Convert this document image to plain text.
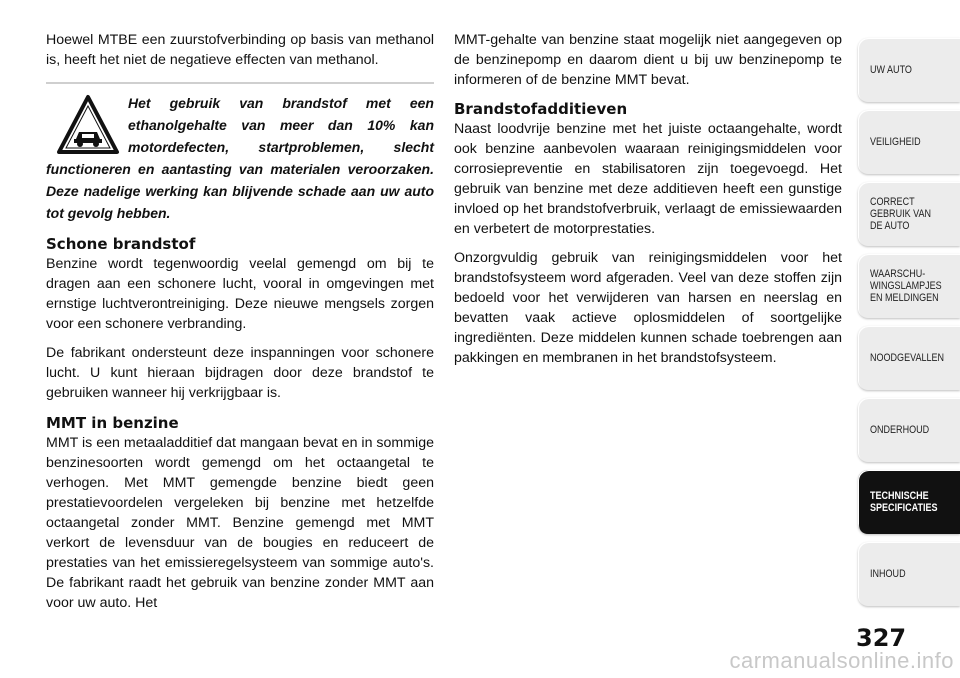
Hoewel MTBE een zuurstofverbinding op basis van methanol is, heeft het niet de negatieve effecten van methanol.

Het gebruik van brandstof met een ethanolgehalte van meer dan 10% kan motordefecten, startproblemen, slecht functioneren en aantasting van materialen veroorzaken. Deze nadelige werking kan blijvende schade aan uw auto tot gevolg hebben.
Schone brandstof

Benzine wordt tegenwoordig veelal gemengd om bij te dragen aan een schonere lucht, vooral in omgevingen met ernstige luchtverontreiniging. Deze nieuwe mengsels zorgen voor een schonere verbranding.

De fabrikant ondersteunt deze inspanningen voor schonere lucht. U kunt hieraan bijdragen door deze brandstof te gebruiken wanneer hij verkrijgbaar is.

MMT in benzine

MMT is een metaaladditief dat mangaan bevat en in sommige benzinesoorten wordt gemengd om het octaangetal te verhogen. Met MMT gemengde benzine biedt geen prestatievoordelen vergeleken bij benzine met hetzelfde octaangetal zonder MMT. Benzine gemengd met MMT verkort de levensduur van de bougies en reduceert de prestaties van het emissieregelsysteem van sommige auto's. De fabrikant raadt het gebruik van benzine zonder MMT aan voor uw auto. Het

MMT-gehalte van benzine staat mogelijk niet aangegeven op de benzinepomp en daarom dient u bij uw benzinepomp te informeren of de benzine MMT bevat.

Brandstofadditieven

Naast loodvrije benzine met het juiste octaangehalte, wordt ook benzine aanbevolen waaraan reinigingsmiddelen voor corrosiepreventie en stabilisatoren zijn toegevoegd. Het gebruik van benzine met deze additieven heeft een gunstige invloed op het brandstofverbruik, verlaagt de emissiewaarden en verbetert de motorprestaties.

Onzorgvuldig gebruik van reinigingsmiddelen voor het brandstofsysteem word afgeraden. Veel van deze stoffen zijn bedoeld voor het verwijderen van harsen en neerslag en bevatten vaak actieve oplosmiddelen of soortgelijke ingrediënten. Deze middelen kunnen schade toebrengen aan pakkingen en membranen in het brandstofsysteem.

UW AUTO
VEILIGHEID
CORRECT
GEBRUIK VAN
DE AUTO
WAARSCHU-
WINGSLAMPJES
EN MELDINGEN
NOODGEVALLEN
ONDERHOUD
TECHNISCHE
SPECIFICATIES
INHOUD
327
carmanualsonline.info
